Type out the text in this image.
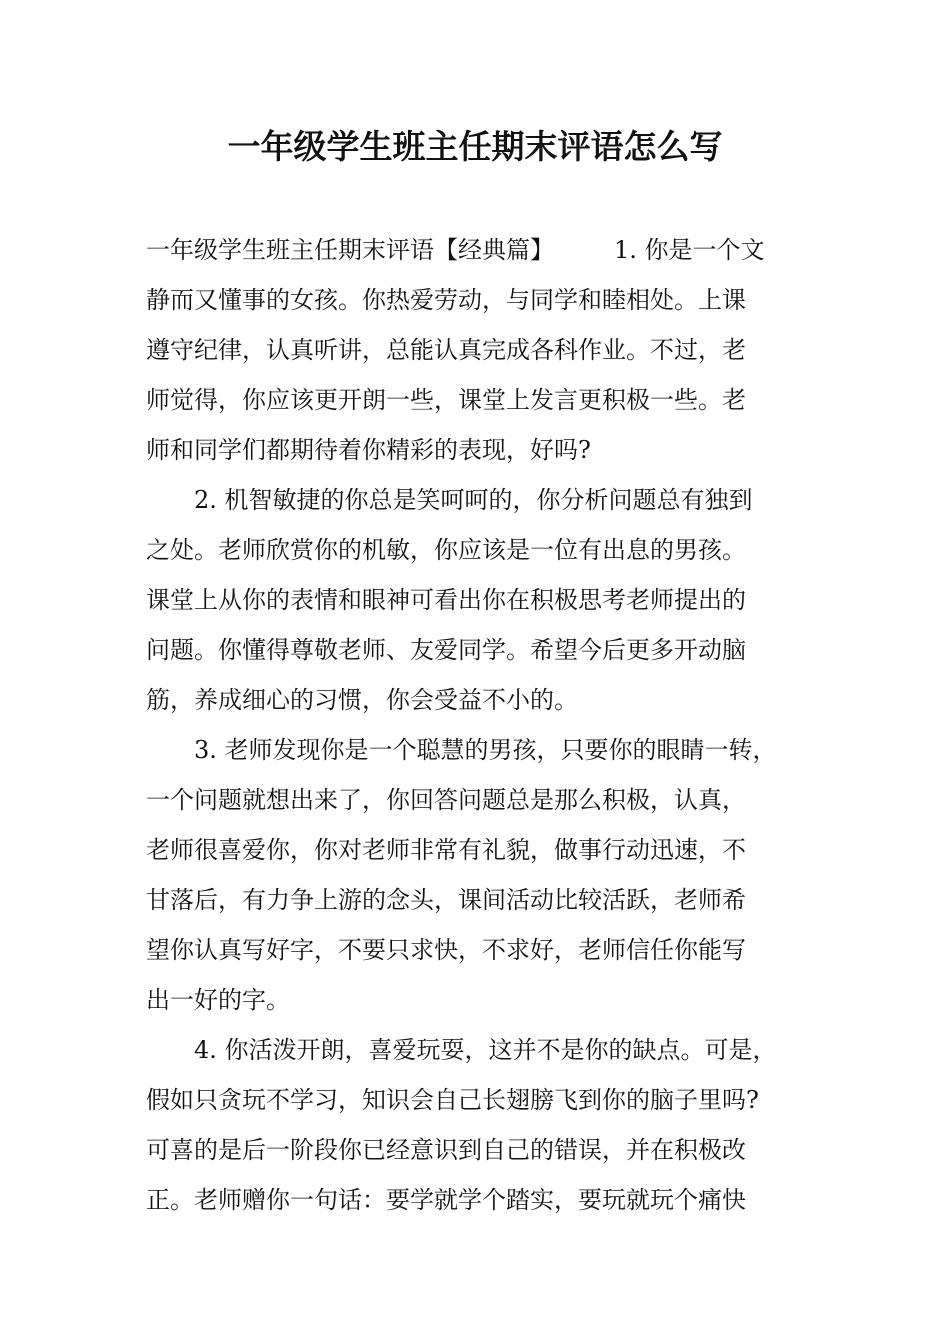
一年级学生班主任期末评语怎么写
一年级学生班主任期末评语【经典篇】	1. 你是一个文
静而又懂事的女孩。你热爱劳动，与同学和睦相处。上课
遵守纪律，认真听讲，总能认真完成各科作业。不过，老
师觉得，你应该更开朗一些，课堂上发言更积极一些。老
师和同学们都期待着你精彩的表现，好吗?
2. 机智敏捷的你总是笑呵呵的，你分析问题总有独到
之处。老师欣赏你的机敏，你应该是一位有出息的男孩。
课堂上从你的表情和眼神可看出你在积极思考老师提出的
问题。你懂得尊敬老师、友爱同学。希望今后更多开动脑
筋，养成细心的习惯，你会受益不小的。
3. 老师发现你是一个聪慧的男孩，只要你的眼睛一转，
一个问题就想出来了，你回答问题总是那么积极，认真，
老师很喜爱你，你对老师非常有礼貌，做事行动迅速，不
甘落后，有力争上游的念头，课间活动比较活跃，老师希
望你认真写好字，不要只求快，不求好，老师信任你能写
出一好的字。
4. 你活泼开朗，喜爱玩耍，这并不是你的缺点。可是，
假如只贪玩不学习，知识会自己长翅膀飞到你的脑子里吗?
可喜的是后一阶段你已经意识到自己的错误，并在积极改
正。老师赠你一句话：要学就学个踏实，要玩就玩个痛快
